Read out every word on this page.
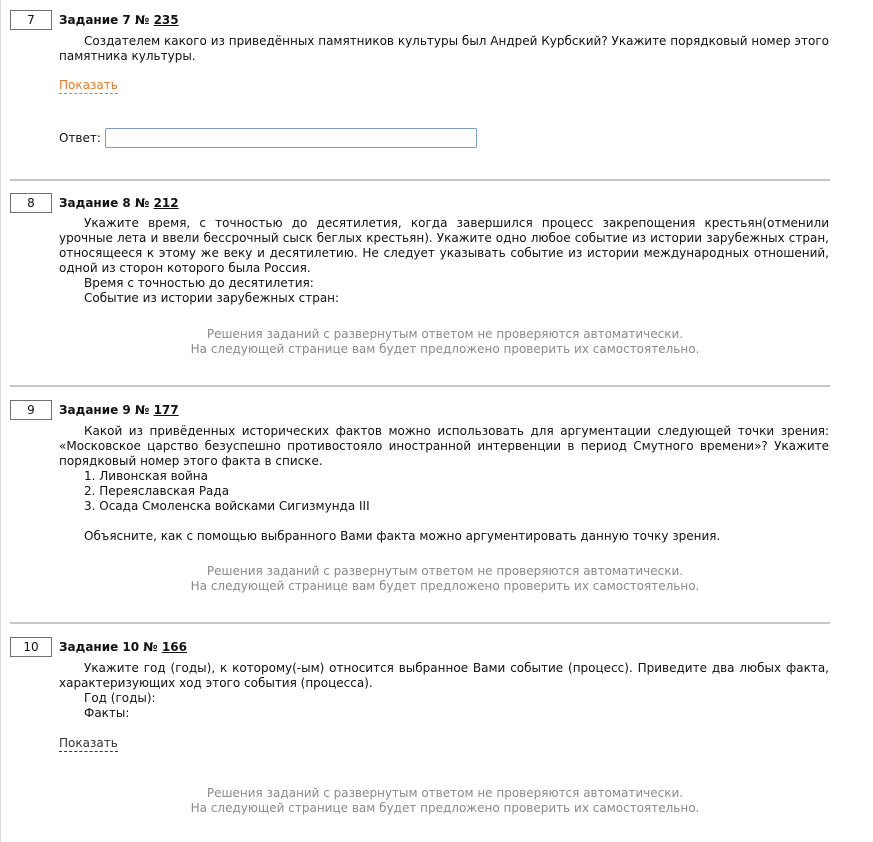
7	Задание 7 № 235
Создателем какого из приведённых памятников культуры был Андрей Курбский? Укажите порядковый номер этого памятника культуры.
Показать
Ответ:
8	Задание 8 № 212
Укажите время, с точностью до десятилетия, когда завершился процесс закрепощения крестьян(отменили урочные лета и ввели бессрочный сыск беглых крестьян). Укажите одно любое событие из истории зарубежных стран, относящееся к этому же веку и десятилетию. Не следует указывать событие из истории международных отношений, одной из сторон которого была Россия.
Время с точностью до десятилетия:
Событие из истории зарубежных стран:
Решения заданий с развернутым ответом не проверяются автоматически.
На следующей странице вам будет предложено проверить их самостоятельно.
9	Задание 9 № 177
Какой из привёденных исторических фактов можно использовать для аргументации следующей точки зрения: «Московское царство безуспешно противостояло иностранной интервенции в период Смутного времени»? Укажите порядковый номер этого факта в списке.
1. Ливонская война
2. Переяславская Рада
3. Осада Смоленска войсками Сигизмунда III
Объясните, как с помощью выбранного Вами факта можно аргументировать данную точку зрения.
Решения заданий с развернутым ответом не проверяются автоматически.
На следующей странице вам будет предложено проверить их самостоятельно.
10	Задание 10 № 166
Укажите год (годы), к которому(-ым) относится выбранное Вами событие (процесс). Приведите два любых факта, характеризующих ход этого события (процесса).
Год (годы):
Факты:
Показать
Решения заданий с развернутым ответом не проверяются автоматически.
На следующей странице вам будет предложено проверить их самостоятельно.
